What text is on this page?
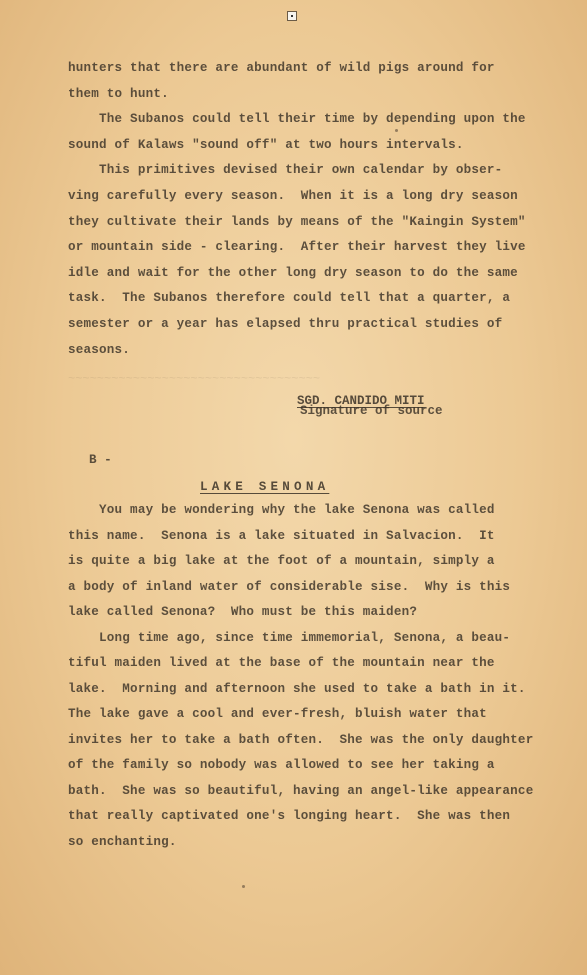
~~~~~~~~~~~~~~~~~~~~~~~~~~~~~~~~~~~
hunters that there are abundant of wild pigs around for
them to hunt.
The Subanos could tell their time by depending upon the
sound of Kalaws "sound off" at two hours intervals.
This primitives devised their own calendar by obser-
ving carefully every season.  When it is a long dry season
they cultivate their lands by means of the "Kaingin System"
or mountain side - clearing.  After their harvest they live
idle and wait for the other long dry season to do the same
task.  The Subanos therefore could tell that a quarter, a
semester or a year has elapsed thru practical studies of
seasons.
SGD. CANDIDO MITI
Signature of source
B -
LAKE SENONA
You may be wondering why the lake Senona was called
this name.  Senona is a lake situated in Salvacion.  It
is quite a big lake at the foot of a mountain, simply a
a body of inland water of considerable sise.  Why is this
lake called Senona?  Who must be this maiden?
Long time ago, since time immemorial, Senona, a beau-
tiful maiden lived at the base of the mountain near the
lake.  Morning and afternoon she used to take a bath in it.
The lake gave a cool and ever-fresh, bluish water that
invites her to take a bath often.  She was the only daughter
of the family so nobody was allowed to see her taking a
bath.  She was so beautiful, having an angel-like appearance
that really captivated one's longing heart.  She was then
so enchanting.
